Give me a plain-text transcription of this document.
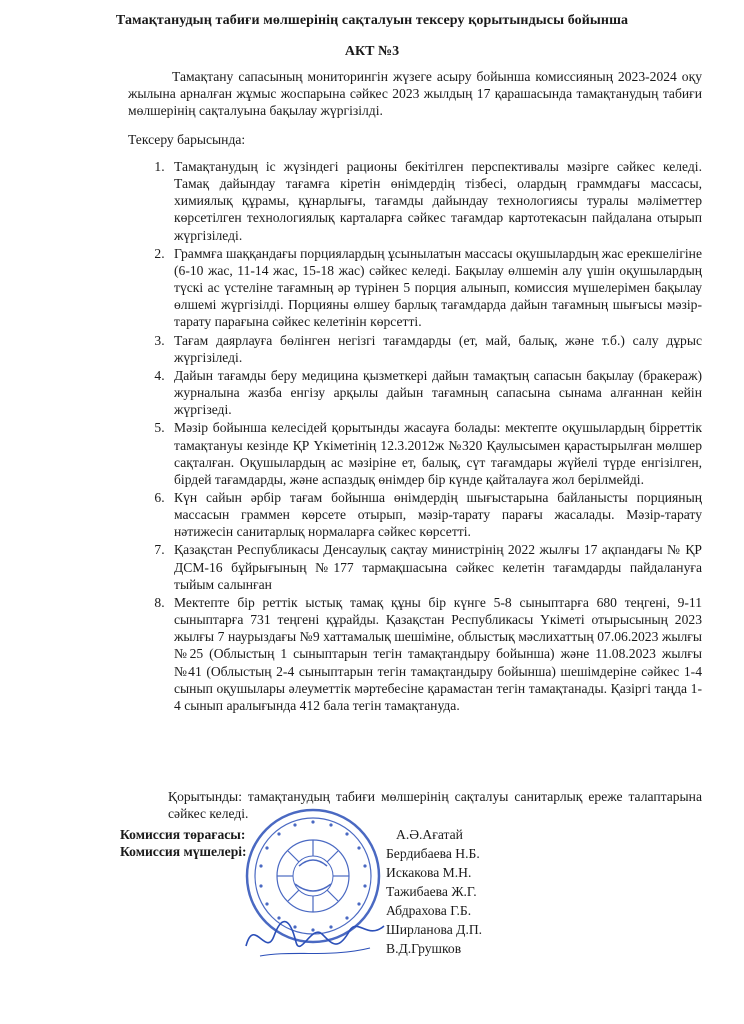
Тамақтанудың табиғи мөлшерінің сақталуын тексеру қорытындысы бойынша
АКТ №3

Тамақтану сапасының мониторингін жүзеге асыру бойынша комиссияның 2023-2024 оқу жылына арналған жұмыс жоспарына сәйкес 2023 жылдың 17 қарашасында тамақтанудың табиғи мөлшерінің сақталуына бақылау жүргізілді.

Тексеру барысында:
1. Тамақтанудың іс жүзіндегі рационы бекітілген перспективалы мәзірге сәйкес келеді. Тамақ дайындау тағамға кіретін өнімдердің тізбесі, олардың граммдағы массасы, химиялық құрамы, құнарлығы, тағамды дайындау технологиясы туралы мәліметтер көрсетілген технологиялық карталарға сәйкес тағамдар картотекасын пайдалана отырып жүргізіледі.
2. Граммға шаққандағы порциялардың ұсынылатын массасы оқушылардың жас ерекшелігіне (6-10 жас, 11-14 жас, 15-18 жас) сәйкес келеді. Бақылау өлшемін алу үшін оқушылардың түскі ас үстеліне тағамның әр түрінен 5 порция алынып, комиссия мүшелерімен бақылау өлшемі жүргізілді. Порцияны өлшеу барлық тағамдарда дайын тағамның шығысы мәзір-тарату парағына сәйкес келетінін көрсетті.
3. Тағам даярлауға бөлінген негізгі тағамдарды (ет, май, балық, және т.б.) салу дұрыс жүргізіледі.
4. Дайын тағамды беру медицина қызметкері дайын тамақтың сапасын бақылау (бракераж) журналына жазба енгізу арқылы дайын тағамның сапасына сынама алғаннан кейін жүргізеді.
5. Мәзір бойынша келесідей қорытынды жасауға болады: мектепте оқушылардың бірреттік тамақтануы кезінде ҚР Үкіметінің 12.3.2012ж №320 Қаулысымен қарастырылған мөлшер сақталған. Оқушылардың ас мәзіріне ет, балық, сүт тағамдары жүйелі түрде енгізілген, бірдей тағамдарды, және аспаздық өнімдер бір күнде қайталауға жол берілмейді.
6. Күн сайын әрбір тағам бойынша өнімдердің шығыстарына байланысты порцияның массасын граммен көрсете отырып, мәзір-тарату парағы жасалады. Мәзір-тарату нәтижесін санитарлық нормаларға сәйкес көрсетті.
7. Қазақстан Республикасы Денсаулық сақтау министрінің 2022 жылғы 17 ақпандағы № ҚР ДСМ-16 бұйрығының №177 тармақшасына сәйкес келетін тағамдарды пайдалануға тыйым салынған
8. Мектепте бір реттік ыстық тамақ құны бір күнге 5-8 сыныптарға 680 теңгені, 9-11 сыныптарға 731 теңгені құрайды. Қазақстан Республикасы Үкіметі отырысының 2023 жылғы 7 наурыздағы №9 хаттамалық шешіміне, облыстық мәслихаттың 07.06.2023 жылғы №25 (Облыстың 1 сыныптарын тегін тамақтандыру бойынша) және 11.08.2023 жылғы №41 (Облыстың 2-4 сыныптарын тегін тамақтандыру бойынша) шешімдеріне сәйкес 1-4 сынып оқушылары әлеуметтік мәртебесіне қарамастан тегін тамақтанады. Қазіргі таңда 1-4 сынып аралығында 412 бала тегін тамақтануда.

Қорытынды: тамақтанудың табиғи мөлшерінің сақталуы санитарлық ереже талаптарына сәйкес келеді.

Комиссия төрағасы:
Комиссия мүшелері:
А.Ә.Ағатай
Бердибаева Н.Б.
Искакова М.Н.
Тажибаева Ж.Г.
Абдрахова Г.Б.
Ширланова Д.П.
В.Д.Грушков
